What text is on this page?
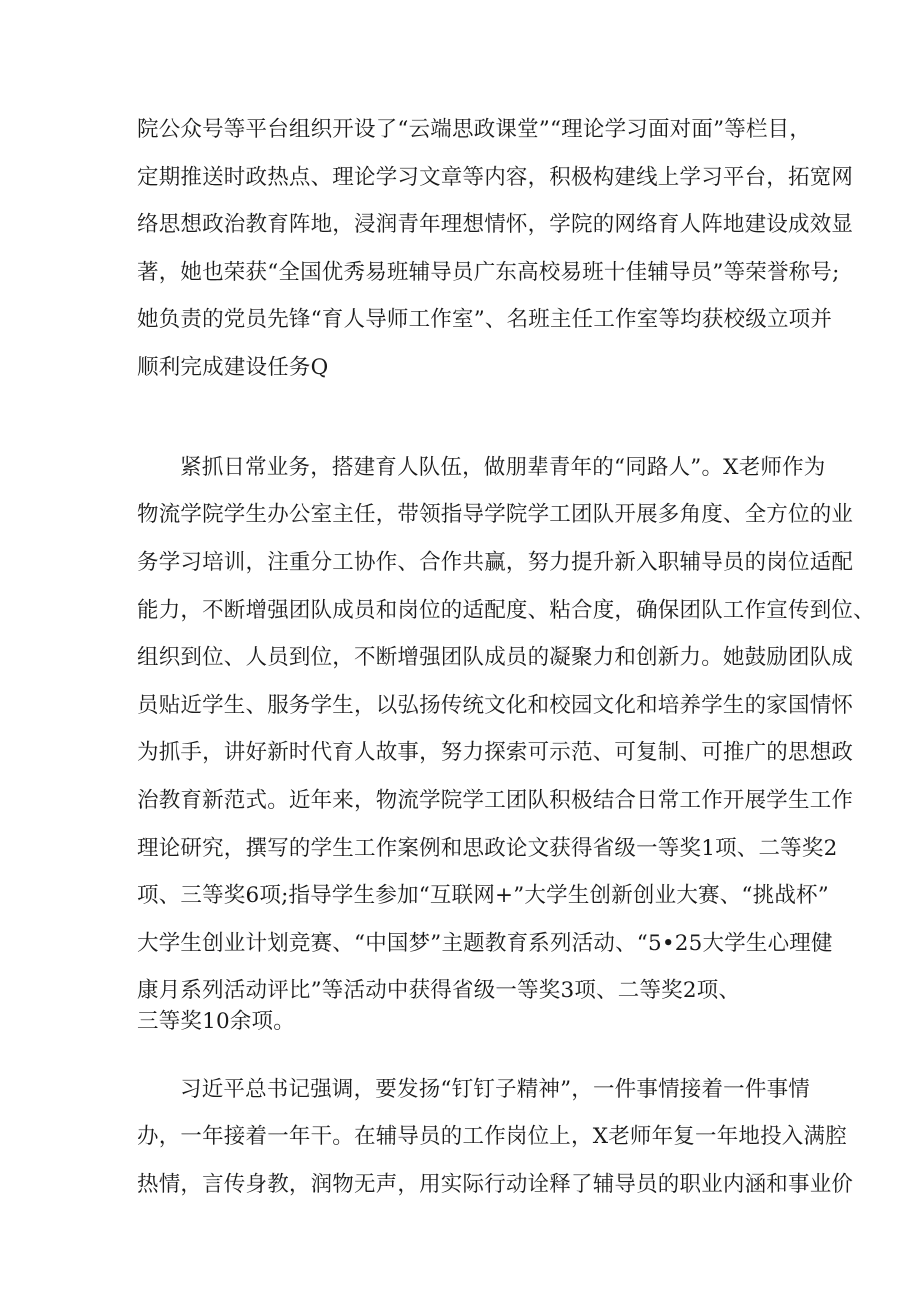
院公众号等平台组织开设了“云端思政课堂”“理论学习面对面”等栏目，
定期推送时政热点、理论学习文章等内容，积极构建线上学习平台，拓宽网
络思想政治教育阵地，浸润青年理想情怀，学院的网络育人阵地建设成效显
著，她也荣获“全国优秀易班辅导员广东高校易班十佳辅导员”等荣誉称号;
她负责的党员先锋“育人导师工作室”、名班主任工作室等均获校级立项并
顺利完成建设任务Q
紧抓日常业务，搭建育人队伍，做朋辈青年的“同路人”。X老师作为
物流学院学生办公室主任，带领指导学院学工团队开展多角度、全方位的业
务学习培训，注重分工协作、合作共赢，努力提升新入职辅导员的岗位适配
能力，不断增强团队成员和岗位的适配度、粘合度，确保团队工作宣传到位、
组织到位、人员到位，不断增强团队成员的凝聚力和创新力。她鼓励团队成
员贴近学生、服务学生，以弘扬传统文化和校园文化和培养学生的家国情怀
为抓手，讲好新时代育人故事，努力探索可示范、可复制、可推广的思想政
治教育新范式。近年来，物流学院学工团队积极结合日常工作开展学生工作
理论研究，撰写的学生工作案例和思政论文获得省级一等奖1项、二等奖2
项、三等奖6项;指导学生参加“互联网+”大学生创新创业大赛、“挑战杯”
大学生创业计划竞赛、“中国梦”主题教育系列活动、“5•25大学生心理健
康月系列活动评比”等活动中获得省级一等奖3项、二等奖2项、
三等奖10余项。
习近平总书记强调，要发扬“钉钉子精神”，一件事情接着一件事情
办，一年接着一年干。在辅导员的工作岗位上，X老师年复一年地投入满腔
热情，言传身教，润物无声，用实际行动诠释了辅导员的职业内涵和事业价
